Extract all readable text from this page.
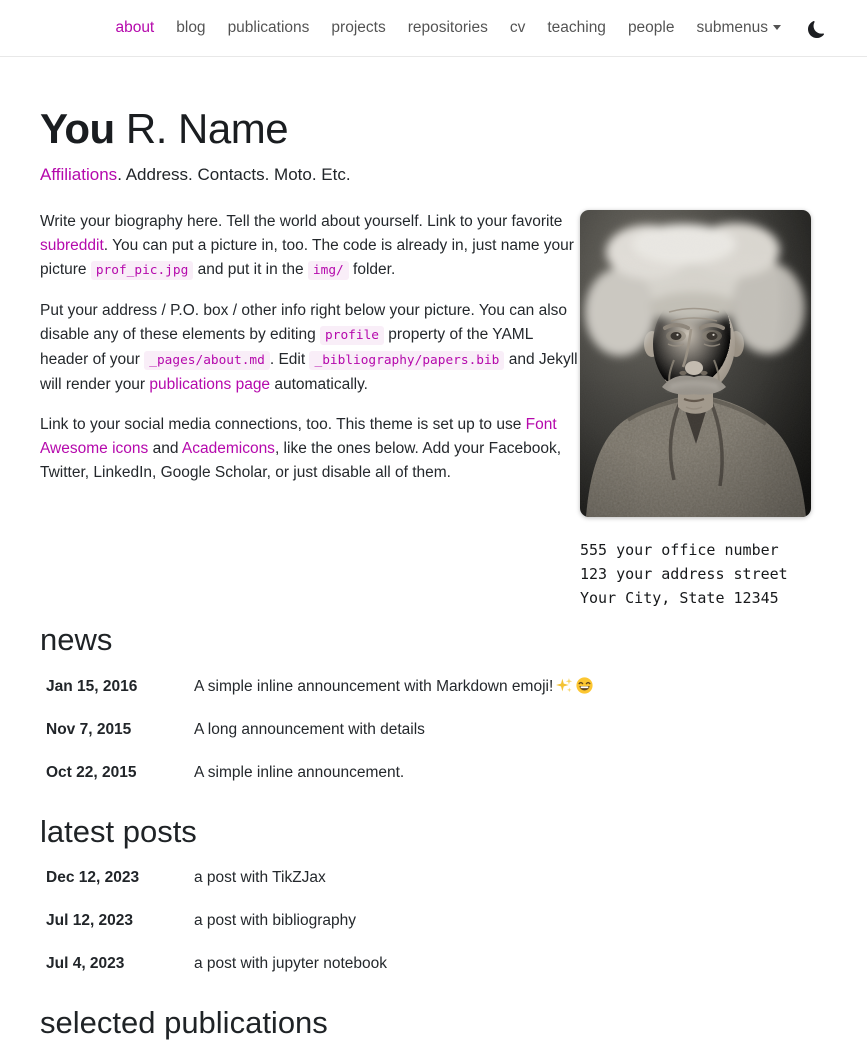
about	blog	publications	projects	repositories	cv	teaching	people	submenus
You R. Name

Affiliations. Address. Contacts. Moto. Etc.

Write your biography here. Tell the world about yourself. Link to your favorite subreddit. You can put a picture in, too. The code is already in, just name your picture prof_pic.jpg and put it in the img/ folder.

Put your address / P.O. box / other info right below your picture. You can also disable any of these elements by editing profile property of the YAML header of your _pages/about.md . Edit _bibliography/papers.bib and Jekyll will render your publications page automatically.

Link to your social media connections, too. This theme is set up to use Font Awesome icons and Academicons, like the ones below. Add your Facebook, Twitter, LinkedIn, Google Scholar, or just disable all of them.

555 your office number

123 your address street

Your City, State 12345

news
Jan 15, 2016	A simple inline announcement with Markdown emoji!
Nov 7, 2015	A long announcement with details
Oct 22, 2015	A simple inline announcement.
latest posts
Dec 12, 2023	a post with TikZJax
Jul 12, 2023	a post with bibliography
Jul 4, 2023	a post with jupyter notebook
selected publications
